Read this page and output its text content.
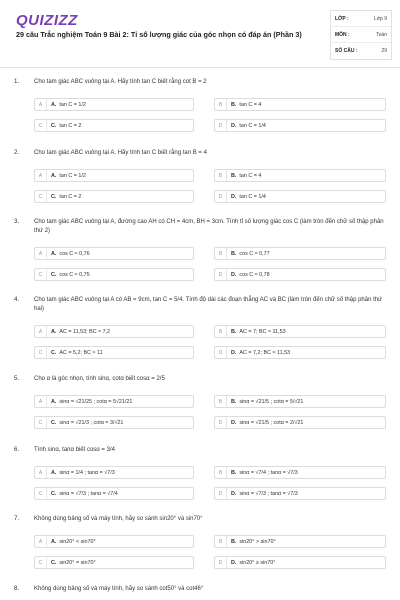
QUIZIZZ
29 câu Trắc nghiệm Toán 9 Bài 2: Tỉ số lượng giác của góc nhọn có đáp án (Phần 3)
LỚP :	Lớp 9
MÔN :	Toán
SỐ CÂU :	29
1. Cho tam giác ABC vuông tại A. Hãy tính tan C biết rằng cot B = 2
A	A. tan C = 1/2	B	B. tan C = 4
C	C. tan C = 2	D	D. tan C = 1/4
2. Cho tam giác ABC vuông tại A. Hãy tính tan C biết rằng tan B = 4
A	A. tan C = 1/2	B	B. tan C = 4
C	C. tan C = 2	D	D. tan C = 1/4
3. Cho tam giác ABC vuông tại A, đường cao AH có CH = 4cm, BH = 3cm. Tính tỉ số lượng giác cos C (làm tròn đến chữ số thập phân thứ 2)
A	A. cos C ≈ 0,76	B	B. cos C ≈ 0,77
C	C. cos C ≈ 0,75	D	D. cos C ≈ 0,78
4. Cho tam giác ABC vuông tại A có AB = 9cm, tan C = 5/4. Tính độ dài các đoạn thẳng AC và BC (làm tròn đến chữ số thập phân thứ hai)
A	A. AC = 11,53; BC ≈ 7,2	B	B. AC = 7; BC ≈ 11,53
C	C. AC = 5,2; BC ≈ 11	D	D. AC = 7,2; BC ≈ 11,53
5. Cho α là góc nhọn, tính sinα, cotα biết cosα = 2/5
A	A. sinα = √21/25 ; cotα = 5√21/21	B	B. sinα = √21/5 ; cotα = 5/√21
C	C. sinα = √21/3 ; cotα = 3/√21	D	D. sinα = √21/5 ; cotα = 2/√21
6. Tính sinα, tanα biết cosα = 3/4
A	A. sinα = 1/4 ; tanα = √7/3	B	B. sinα = √7/4 ; tanα = √7/3
C	C. sinα = √7/3 ; tanα = √7/4	D	D. sinα = √7/3 ; tanα = √7/3
7. Không dùng bảng số và máy tính, hãy so sánh sin20° và sin70°
A	A. sin20° < sin70°	B	B. sin20° > sin70°
C	C. sin20° = sin70°	D	D. sin20° ≥ sin70°
8. Không dùng bảng số và máy tính, hãy so sánh cot50° và cot46°
